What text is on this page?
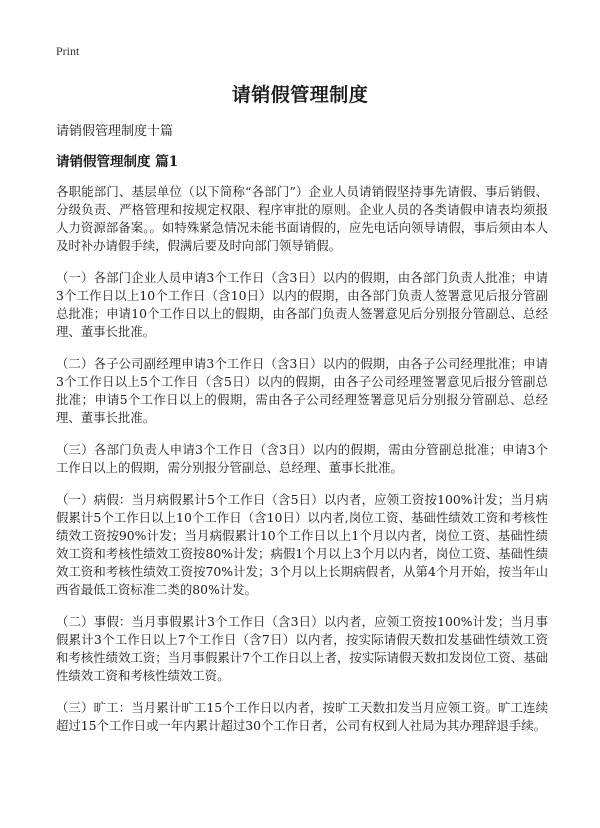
Print
请销假管理制度
请销假管理制度十篇
请销假管理制度 篇1

各职能部门、基层单位（以下简称“各部门”）企业人员请销假坚持事先请假、事后销假、分级负责、严格管理和按规定权限、程序审批的原则。企业人员的各类请假申请表均须报人力资源部备案。。如特殊紧急情况未能书面请假的，应先电话向领导请假，事后须由本人及时补办请假手续，假满后要及时向部门领导销假。

（一）各部门企业人员申请3个工作日（含3日）以内的假期，由各部门负责人批准；申请3个工作日以上10个工作日（含10日）以内的假期，由各部门负责人签署意见后报分管副总批准；申请10个工作日以上的假期，由各部门负责人签署意见后分别报分管副总、总经理、董事长批准。

（二）各子公司副经理申请3个工作日（含3日）以内的假期，由各子公司经理批准；申请3个工作日以上5个工作日（含5日）以内的假期，由各子公司经理签署意见后报分管副总批准；申请5个工作日以上的假期，需由各子公司经理签署意见后分别报分管副总、总经理、董事长批准。

（三）各部门负责人申请3个工作日（含3日）以内的假期，需由分管副总批准；申请3个工作日以上的假期，需分别报分管副总、总经理、董事长批准。

（一）病假：当月病假累计5个工作日（含5日）以内者，应领工资按100%计发；当月病假累计5个工作日以上10个工作日（含10日）以内者,岗位工资、基础性绩效工资和考核性绩效工资按90%计发；当月病假累计10个工作日以上1个月以内者，岗位工资、基础性绩效工资和考核性绩效工资按80%计发；病假1个月以上3个月以内者，岗位工资、基础性绩效工资和考核性绩效工资按70%计发；3个月以上长期病假者，从第4个月开始，按当年山西省最低工资标准二类的80%计发。

（二）事假：当月事假累计3个工作日（含3日）以内者，应领工资按100%计发；当月事假累计3个工作日以上7个工作日（含7日）以内者，按实际请假天数扣发基础性绩效工资和考核性绩效工资；当月事假累计7个工作日以上者，按实际请假天数扣发岗位工资、基础性绩效工资和考核性绩效工资。

（三）旷工：当月累计旷工15个工作日以内者，按旷工天数扣发当月应领工资。旷工连续超过15个工作日或一年内累计超过30个工作日者，公司有权到人社局为其办理辞退手续。
